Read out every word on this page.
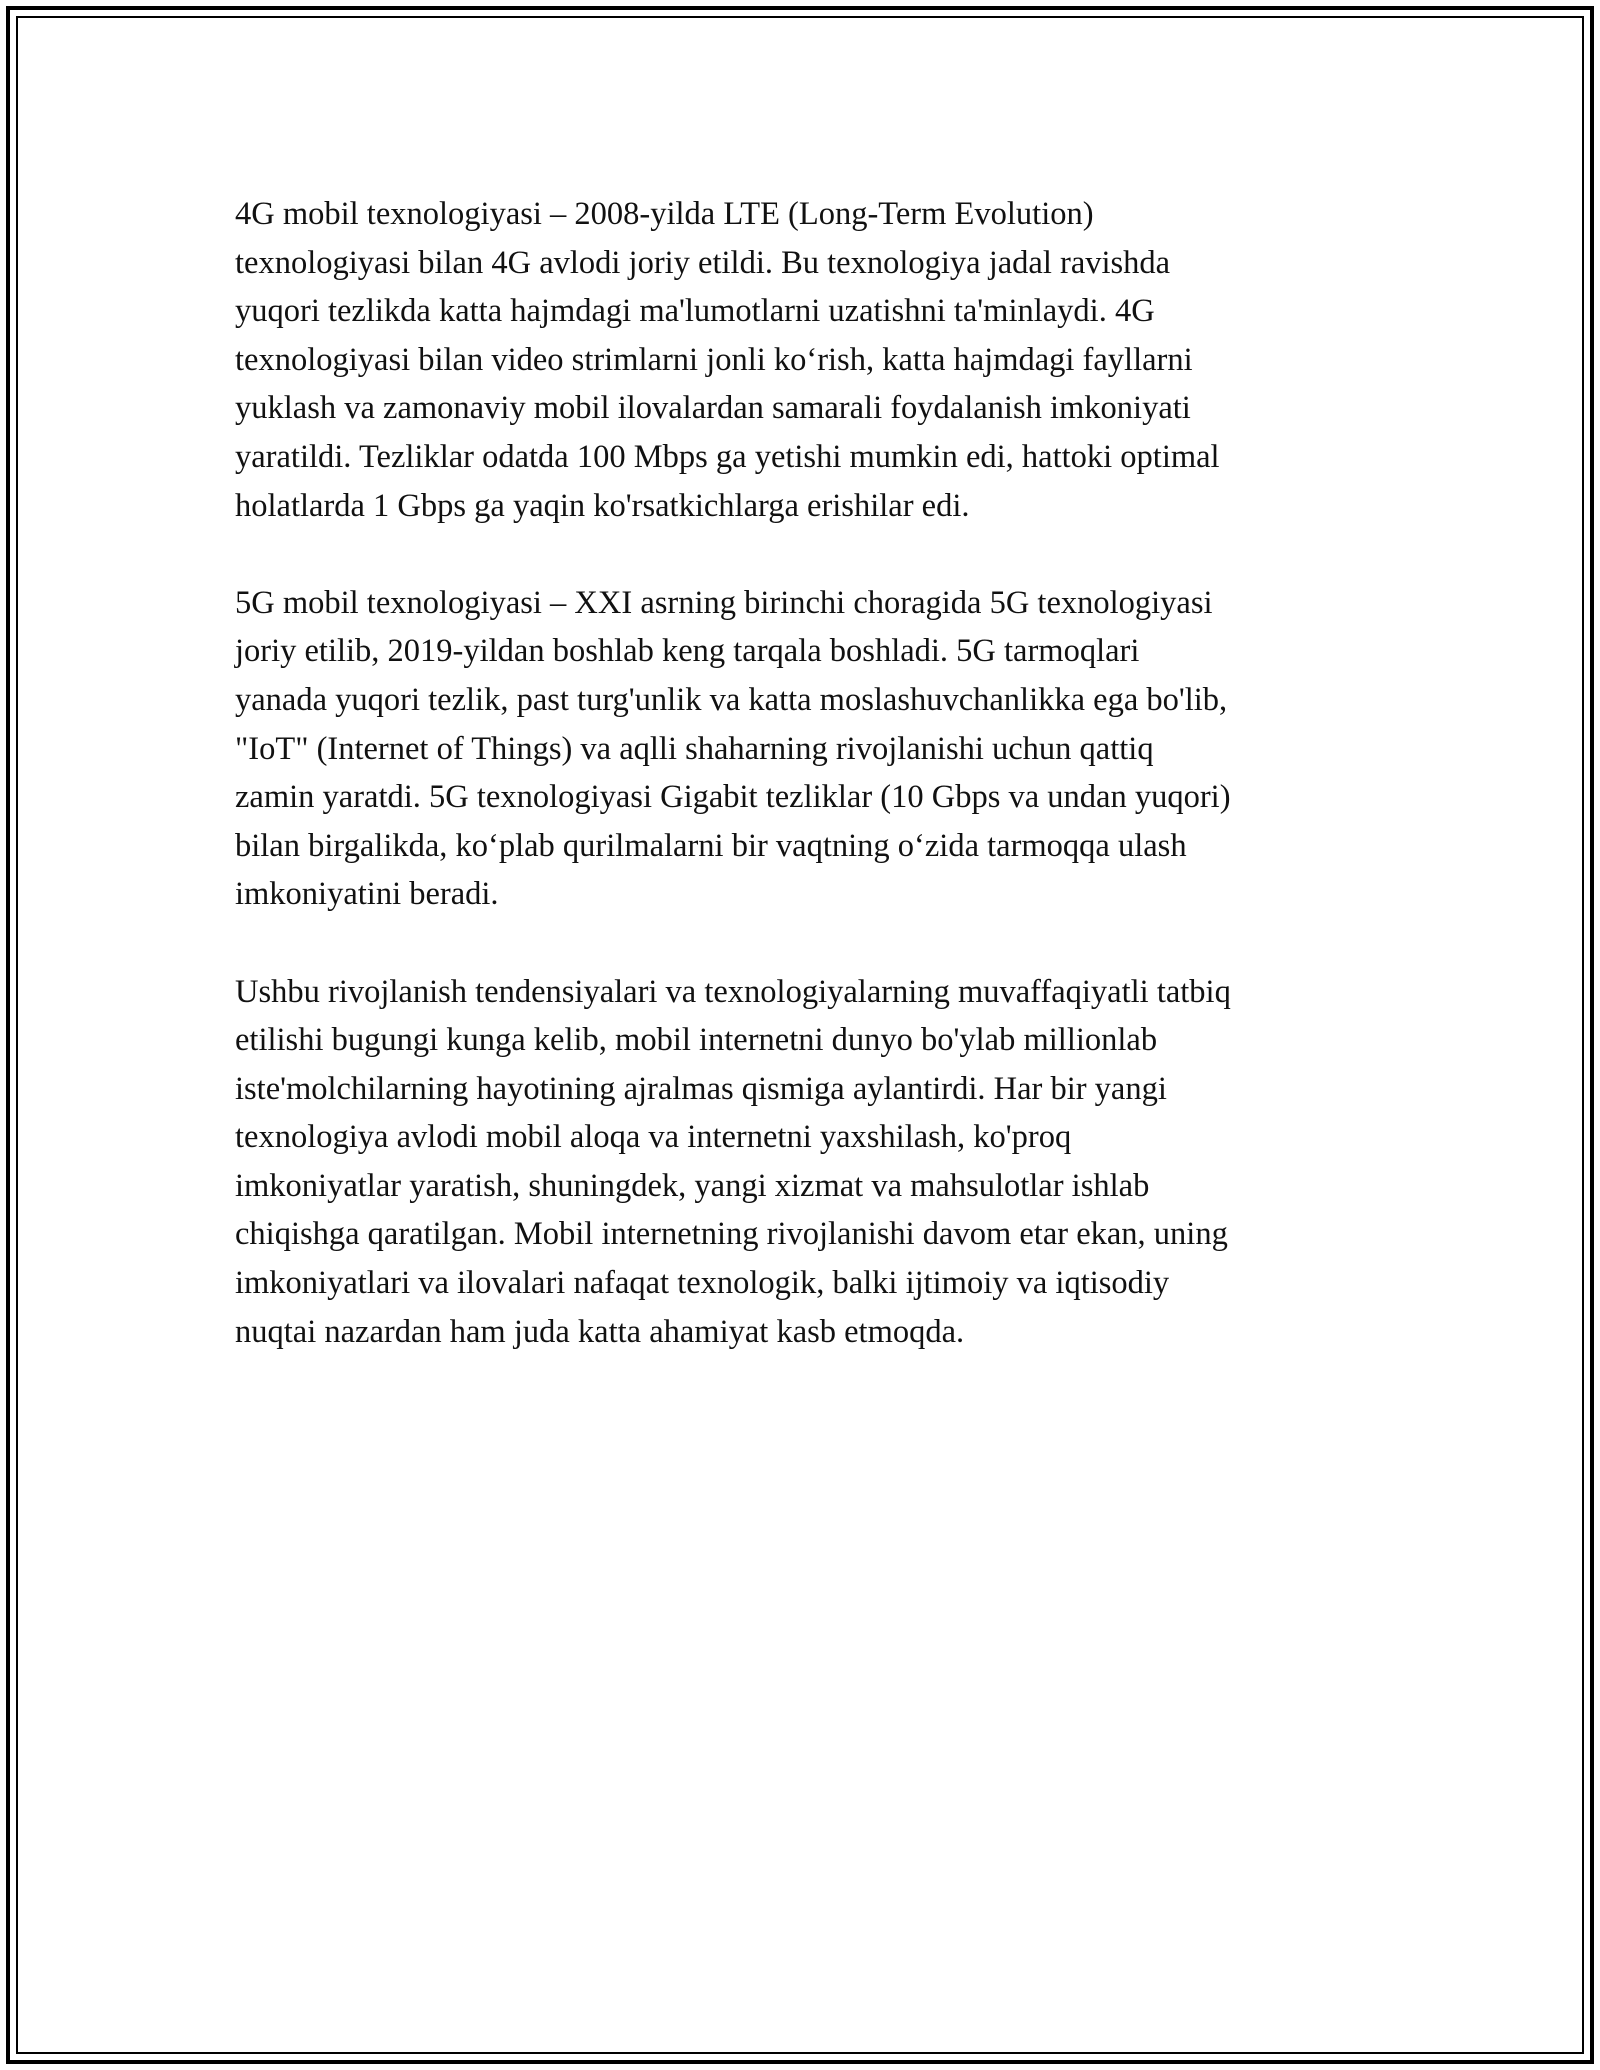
4G mobil texnologiyasi – 2008-yilda LTE (Long-Term Evolution)
texnologiyasi bilan 4G avlodi joriy etildi. Bu texnologiya jadal ravishda
yuqori tezlikda katta hajmdagi ma'lumotlarni uzatishni ta'minlaydi. 4G
texnologiyasi bilan video strimlarni jonli koʻrish, katta hajmdagi fayllarni
yuklash va zamonaviy mobil ilovalardan samarali foydalanish imkoniyati
yaratildi. Tezliklar odatda 100 Mbps ga yetishi mumkin edi, hattoki optimal
holatlarda 1 Gbps ga yaqin ko'rsatkichlarga erishilar edi.

5G mobil texnologiyasi – XXI asrning birinchi choragida 5G texnologiyasi
joriy etilib, 2019-yildan boshlab keng tarqala boshladi. 5G tarmoqlari
yanada yuqori tezlik, past turg'unlik va katta moslashuvchanlikka ega bo'lib,
"IoT" (Internet of Things) va aqlli shaharning rivojlanishi uchun qattiq
zamin yaratdi. 5G texnologiyasi Gigabit tezliklar (10 Gbps va undan yuqori)
bilan birgalikda, koʻplab qurilmalarni bir vaqtning oʻzida tarmoqqa ulash
imkoniyatini beradi.

Ushbu rivojlanish tendensiyalari va texnologiyalarning muvaffaqiyatli tatbiq
etilishi bugungi kunga kelib, mobil internetni dunyo bo'ylab millionlab
iste'molchilarning hayotining ajralmas qismiga aylantirdi. Har bir yangi
texnologiya avlodi mobil aloqa va internetni yaxshilash, ko'proq
imkoniyatlar yaratish, shuningdek, yangi xizmat va mahsulotlar ishlab
chiqishga qaratilgan. Mobil internetning rivojlanishi davom etar ekan, uning
imkoniyatlari va ilovalari nafaqat texnologik, balki ijtimoiy va iqtisodiy
nuqtai nazardan ham juda katta ahamiyat kasb etmoqda.
